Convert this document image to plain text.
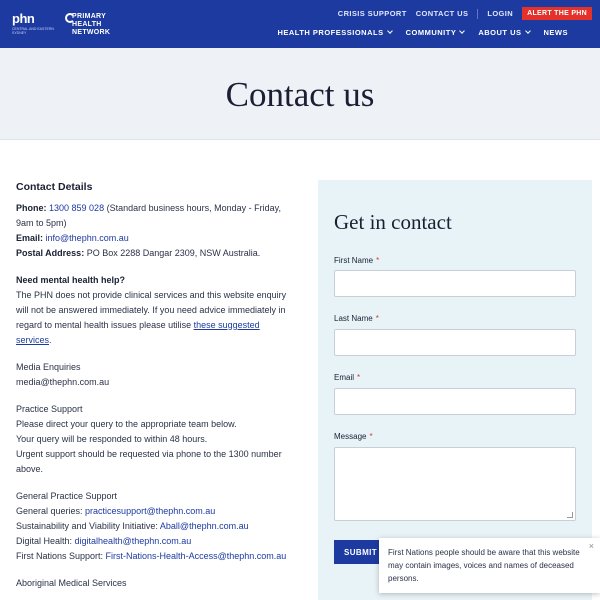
phn
CENTRAL AND EASTERN SYDNEY
PRIMARY
HEALTH
NETWORK
CRISIS SUPPORT CONTACT US	LOGIN	ALERT THE PHN
HEALTH PROFESSIONALS	COMMUNITY	ABOUT US	NEWS
Contact us
Contact Details
Phone: 1300 859 028 (Standard business hours, Monday - Friday, 9am to 5pm)
Email: info@thephn.com.au
Postal Address: PO Box 2288 Dangar 2309, NSW Australia.
Need mental health help?
The PHN does not provide clinical services and this website enquiry will not be answered immediately. If you need advice immediately in regard to mental health issues please utilise these suggested services.
Media Enquiries
media@thephn.com.au
Practice Support
Please direct your query to the appropriate team below.
Your query will be responded to within 48 hours.
Urgent support should be requested via phone to the 1300 number above.
General Practice Support
General queries: practicesupport@thephn.com.au
Sustainability and Viability Initiative: Aball@thephn.com.au
Digital Health: digitalhealth@thephn.com.au
First Nations Support: First-Nations-Health-Access@thephn.com.au
Aboriginal Medical Services
Get in contact
First Name *
Last Name *
Email *
Message *
SUBMIT	First Nations people should be aware that this website may contain images, voices and names of deceased persons.
×
